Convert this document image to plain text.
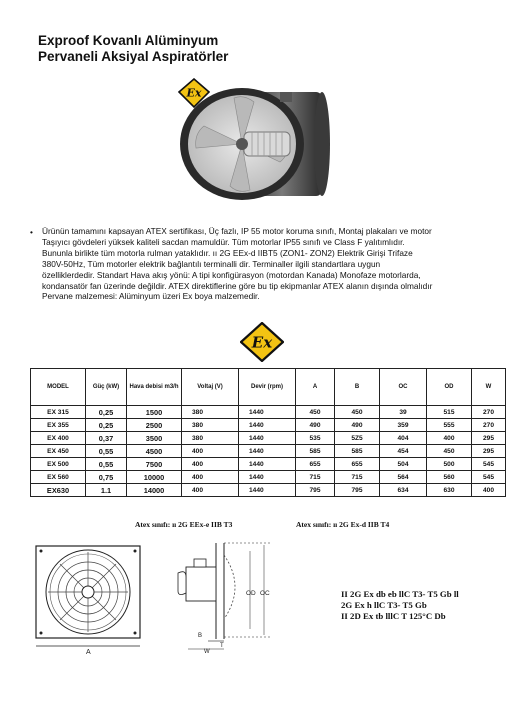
Exproof Kovanlı Alüminyum
Pervaneli Aksiyal Aspiratörler
Ex
• Ürünün tamamını kapsayan ATEX sertifikası, Üç fazlı, IP 55 motor koruma sınıfı, Montaj plakaları ve motor
Taşıyıcı gövdeleri yüksek kaliteli sacdan mamuldür. Tüm motorlar IP55 sınıfı ve Class F yalıtımlıdır.
Bununla birlikte tüm motorla rulman yataklıdır. ıı 2G EEx-d IIBT5 (ZON1- ZON2) Elektrik Girişi Trifaze
380V-50Hz, Tüm motorler elektrik bağlantılı terminalli dir. Terminaller ilgili standartlara uygun
özelliklerdedir. Standart Hava akış yönü: A tipi konfigürasyon (motordan Kanada) Monofaze motorlarda,
kondansatör fan üzerinde değildir. ATEX direktiflerine göre bu tip ekipmanlar ATEX alanın dışında olmalıdır
Pervane malzemesi: Alüminyum üzeri Ex boya malzemedir.
Ex
MODEL	Güç (kW)	Hava debisi m3/h	Voltaj (V)	Devir (rpm)	A	B	OC	OD	W
EX 315	0,25	1500	380	1440	450	450	39	515	270
EX 355	0,25	2500	380	1440	490	490	359	555	270
EX 400	0,37	3500	380	1440	535	5Z5	404	400	295
EX 450	0,55	4500	400	1440	585	585	454	450	295
EX 500	0,55	7500	400	1440	655	655	504	500	545
EX 560	0,75	10000	400	1440	715	715	564	560	545
EX630	1.1	14000	400	1440	795	795	634	630	400
Atex sınıfı: ıı 2G EEx-e IIB T3	Atex sınıfı: ıı 2G Ex-d IIB T4
A
OD OC
B
T
W
II 2G Ex db eb llC T3- T5 Gb ll
2G Ex h llC T3- T5 Gb
II 2D Ex tb lllC T 125°C Db
